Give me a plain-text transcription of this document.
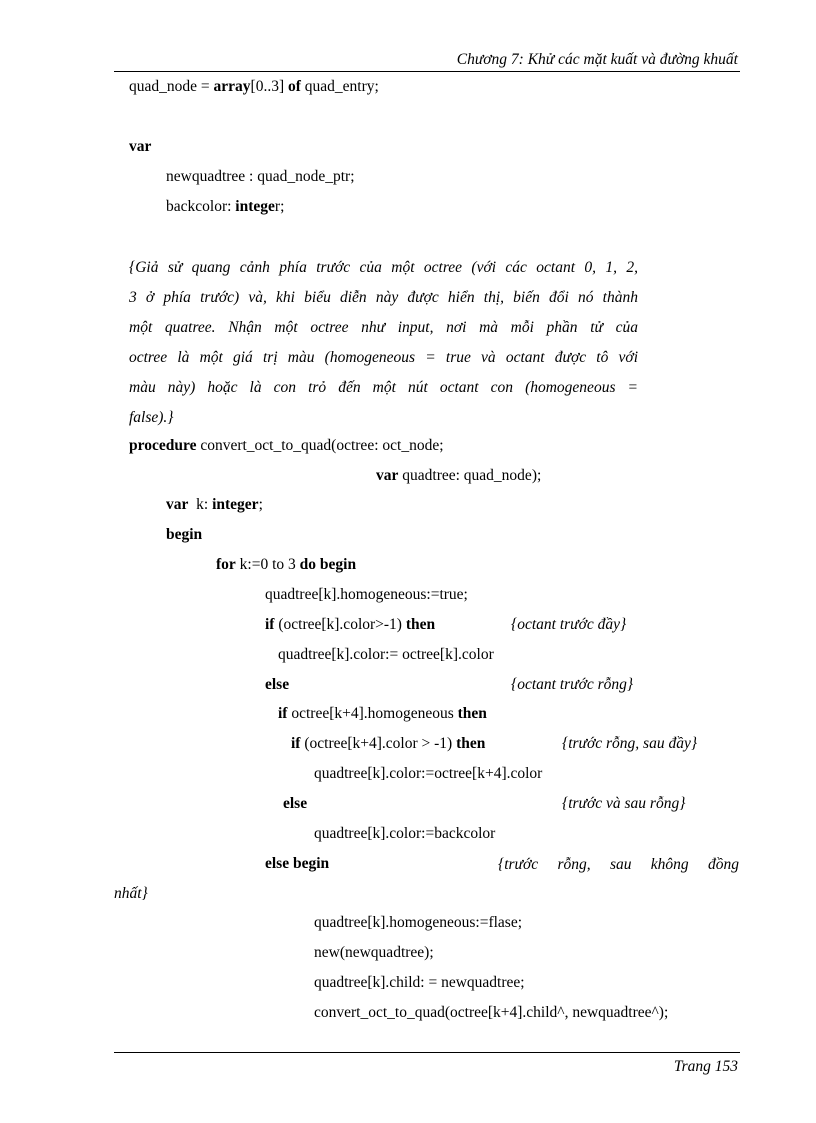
Chương 7: Khử các mặt kuất và đường khuất
quad_node = array[0..3] of quad_entry;
var
newquadtree : quad_node_ptr;
backcolor: integer;
{Giả sử quang cảnh phía trước của một octree (với các octant 0, 1, 2,
3 ở phía trước) và, khi biểu diễn này được hiển thị, biến đổi nó thành
một quatree. Nhận một octree như input, nơi mà mỗi phần tử của
octree là một giá trị màu (homogeneous = true và octant được tô với
màu này) hoặc là con trỏ đến một nút octant con (homogeneous =
false).}
procedure convert_oct_to_quad(octree: oct_node;
var quadtree: quad_node);
var  k: integer;
begin
for k:=0 to 3 do begin
quadtree[k].homogeneous:=true;
if (octree[k].color>-1) then	{octant trước đầy}
quadtree[k].color:= octree[k].color
else	{octant trước rỗng}
if octree[k+4].homogeneous then
if (octree[k+4].color > -1) then	{trước rỗng, sau đầy}
quadtree[k].color:=octree[k+4].color
else	{trước và sau rỗng}
quadtree[k].color:=backcolor
else begin	{trước rỗng, sau không đồng
nhất}
quadtree[k].homogeneous:=flase;
new(newquadtree);
quadtree[k].child: = newquadtree;
convert_oct_to_quad(octree[k+4].child^, newquadtree^);
Trang 153
